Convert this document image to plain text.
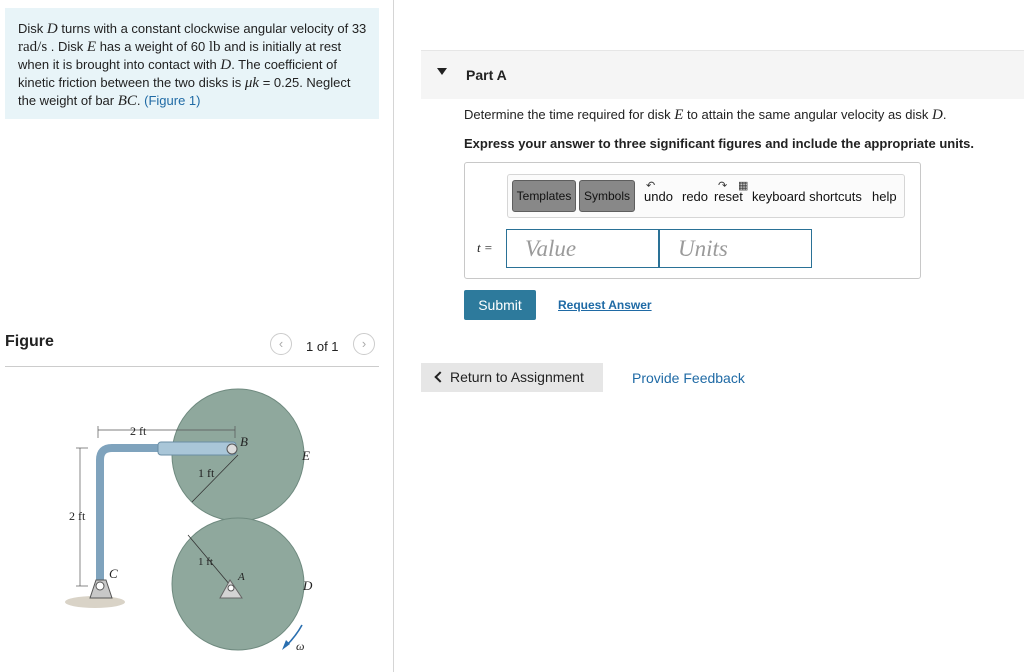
Disk D turns with a constant clockwise angular velocity of 33 rad/s . Disk E has a weight of 60 lb and is initially at rest when it is brought into contact with D. The coefficient of kinetic friction between the two disks is μk = 0.25. Neglect the weight of bar BC. (Figure 1)
Figure	‹	1 of 1	›
2 ft
2 ft
1 ft
1 ft
B
C
E
D
A
ω
Part A
Determine the time required for disk E to attain the same angular velocity as disk D.
Express your answer to three significant figures and include the appropriate units.
Templates	Symbols
↶
undo redo
↷
reset
▦
keyboard shortcuts help
t =	Value	Units
Submit	Request Answer
Return to Assignment	Provide Feedback
